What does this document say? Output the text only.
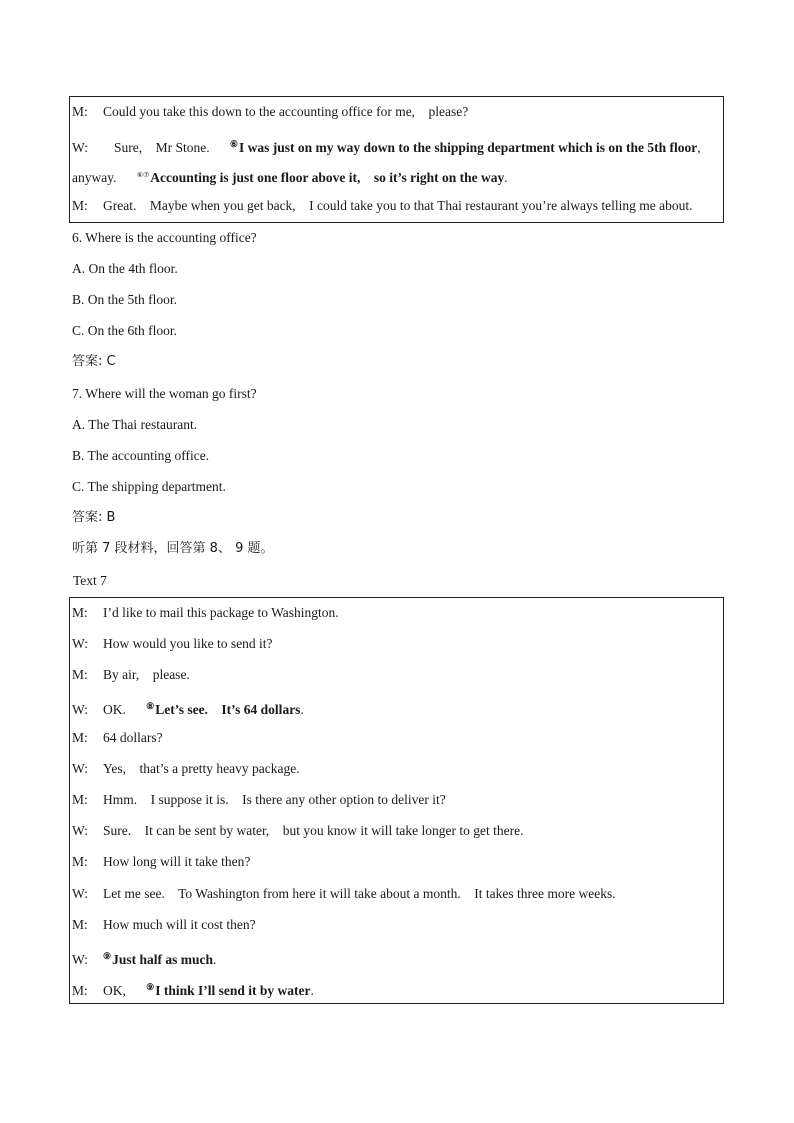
M: Could you take this down to the accounting office for me,    please?
W: Sure,    Mr Stone. ⑥I was just on my way down to the shipping department which is on the 5th floor,
anyway.	⑥⑦Accounting is just one floor above it,    so it’s right on the way.
M: Great.    Maybe when you get back,    I could take you to that Thai restaurant you’re always telling me about.
6. Where is the accounting office?
A. On the 4th floor.
B. On the 5th floor.
C. On the 6th floor.
答案: C
7. Where will the woman go first?
A. The Thai restaurant.
B. The accounting office.
C. The shipping department.
答案: B
听第 7 段材料，回答第 8、 9 题。
Text 7
M: I’d like to mail this package to Washington.
W: How would you like to send it?
M: By air,    please.
W: OK. ⑧Let’s see.    It’s 64 dollars.
M: 64 dollars?
W: Yes,    that’s a pretty heavy package.
M: Hmm.    I suppose it is.    Is there any other option to deliver it?
W: Sure.    It can be sent by water,    but you know it will take longer to get there.
M: How long will it take then?
W: Let me see.    To Washington from here it will take about a month.    It takes three more weeks.
M: How much will it cost then?
W: ⑨Just half as much.
M: OK, ⑨I think I’ll send it by water.
